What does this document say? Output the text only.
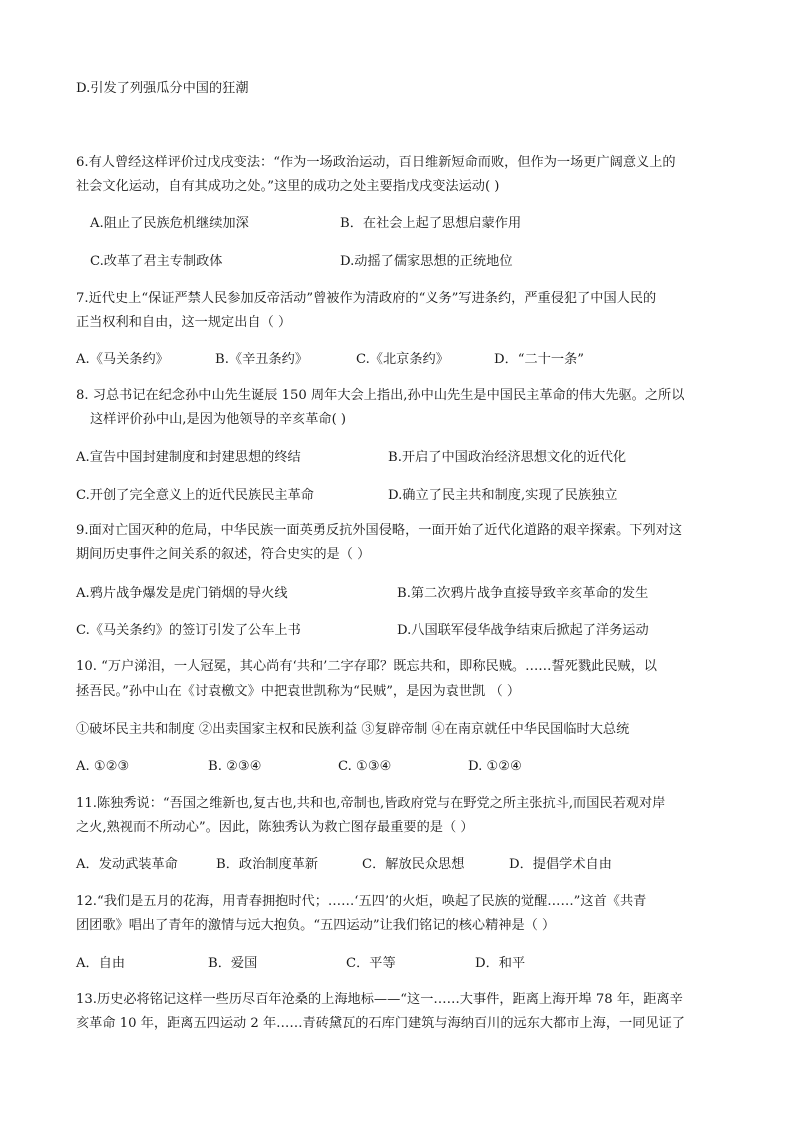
D.引发了列强瓜分中国的狂潮
6.有人曾经这样评价过戊戌变法：“作为一场政治运动，百日维新短命而败，但作为一场更广阔意义上的
社会文化运动，自有其成功之处。”这里的成功之处主要指戊戌变法运动( )
A.阻止了民族危机继续加深	B．在社会上起了思想启蒙作用
C.改革了君主专制政体	D.动摇了儒家思想的正统地位
7.近代史上“保证严禁人民参加反帝活动”曾被作为清政府的“义务”写进条约，严重侵犯了中国人民的
正当权利和自由，这一规定出自（ ）
A.《马关条约》	B.《辛丑条约》	C.《北京条约》	D．“二十一条”
8. 习总书记在纪念孙中山先生诞辰 150 周年大会上指出,孙中山先生是中国民主革命的伟大先驱。之所以
这样评价孙中山,是因为他领导的辛亥革命( )
A.宣告中国封建制度和封建思想的终结	B.开启了中国政治经济思想文化的近代化
C.开创了完全意义上的近代民族民主革命	D.确立了民主共和制度,实现了民族独立
9.面对亡国灭种的危局，中华民族一面英勇反抗外国侵略，一面开始了近代化道路的艰辛探索。下列对这
期间历史事件之间关系的叙述，符合史实的是（ ）
A.鸦片战争爆发是虎门销烟的导火线	B.第二次鸦片战争直接导致辛亥革命的发生
C.《马关条约》的签订引发了公车上书	D.八国联军侵华战争结束后掀起了洋务运动
10. “万户涕泪，一人冠冕，其心尚有‘共和’二字存耶？既忘共和，即称民贼。……誓死戮此民贼，以
拯吾民。”孙中山在《讨袁檄文》中把袁世凯称为“民贼”，是因为袁世凯 （ ）
①破坏民主共和制度 ②出卖国家主权和民族利益 ③复辟帝制 ④在南京就任中华民国临时大总统
A. ①②③	B. ②③④	C. ①③④	D. ①②④
11.陈独秀说：“吾国之维新也,复古也,共和也,帝制也,皆政府党与在野党之所主张抗斗,而国民若观对岸
之火,熟视而不所动心”。因此，陈独秀认为救亡图存最重要的是（ ）
A．发动武装革命	B．政治制度革新	C．解放民众思想	D．提倡学术自由
12.“我们是五月的花海，用青春拥抱时代；……‘五四’的火炬，唤起了民族的觉醒……”这首《共青
团团歌》唱出了青年的激情与远大抱负。“五四运动”让我们铭记的核心精神是（ ）
A．自由	B．爱国	C．平等	D．和平
13.历史必将铭记这样一些历尽百年沧桑的上海地标——“这一……大事件，距离上海开埠 78 年，距离辛
亥革命 10 年，距离五四运动 2 年……青砖黛瓦的石库门建筑与海纳百川的远东大都市上海，一同见证了
